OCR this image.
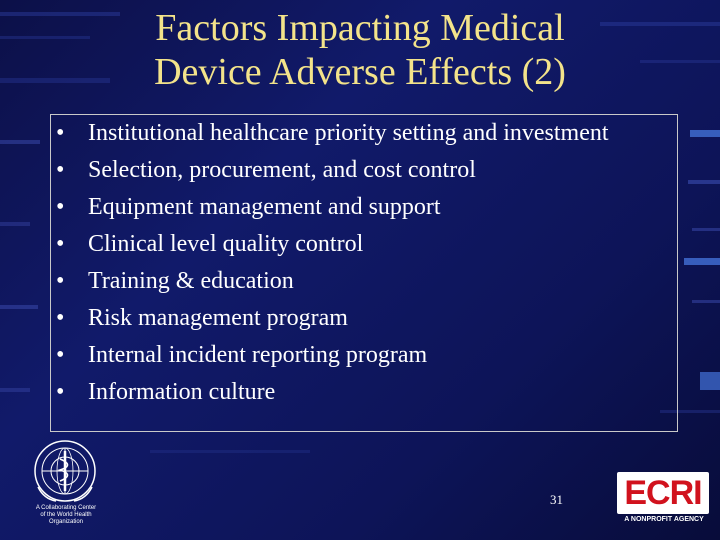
Factors Impacting Medical
Device Adverse Effects (2)
• Institutional healthcare priority setting and investment
• Selection, procurement, and cost control
• Equipment management and support
• Clinical level quality control
• Training & education
• Risk management program
• Internal incident reporting program
• Information culture
A Collaborating Center
of the World Health
Organization
31 ECRI
A NONPROFIT AGENCY
